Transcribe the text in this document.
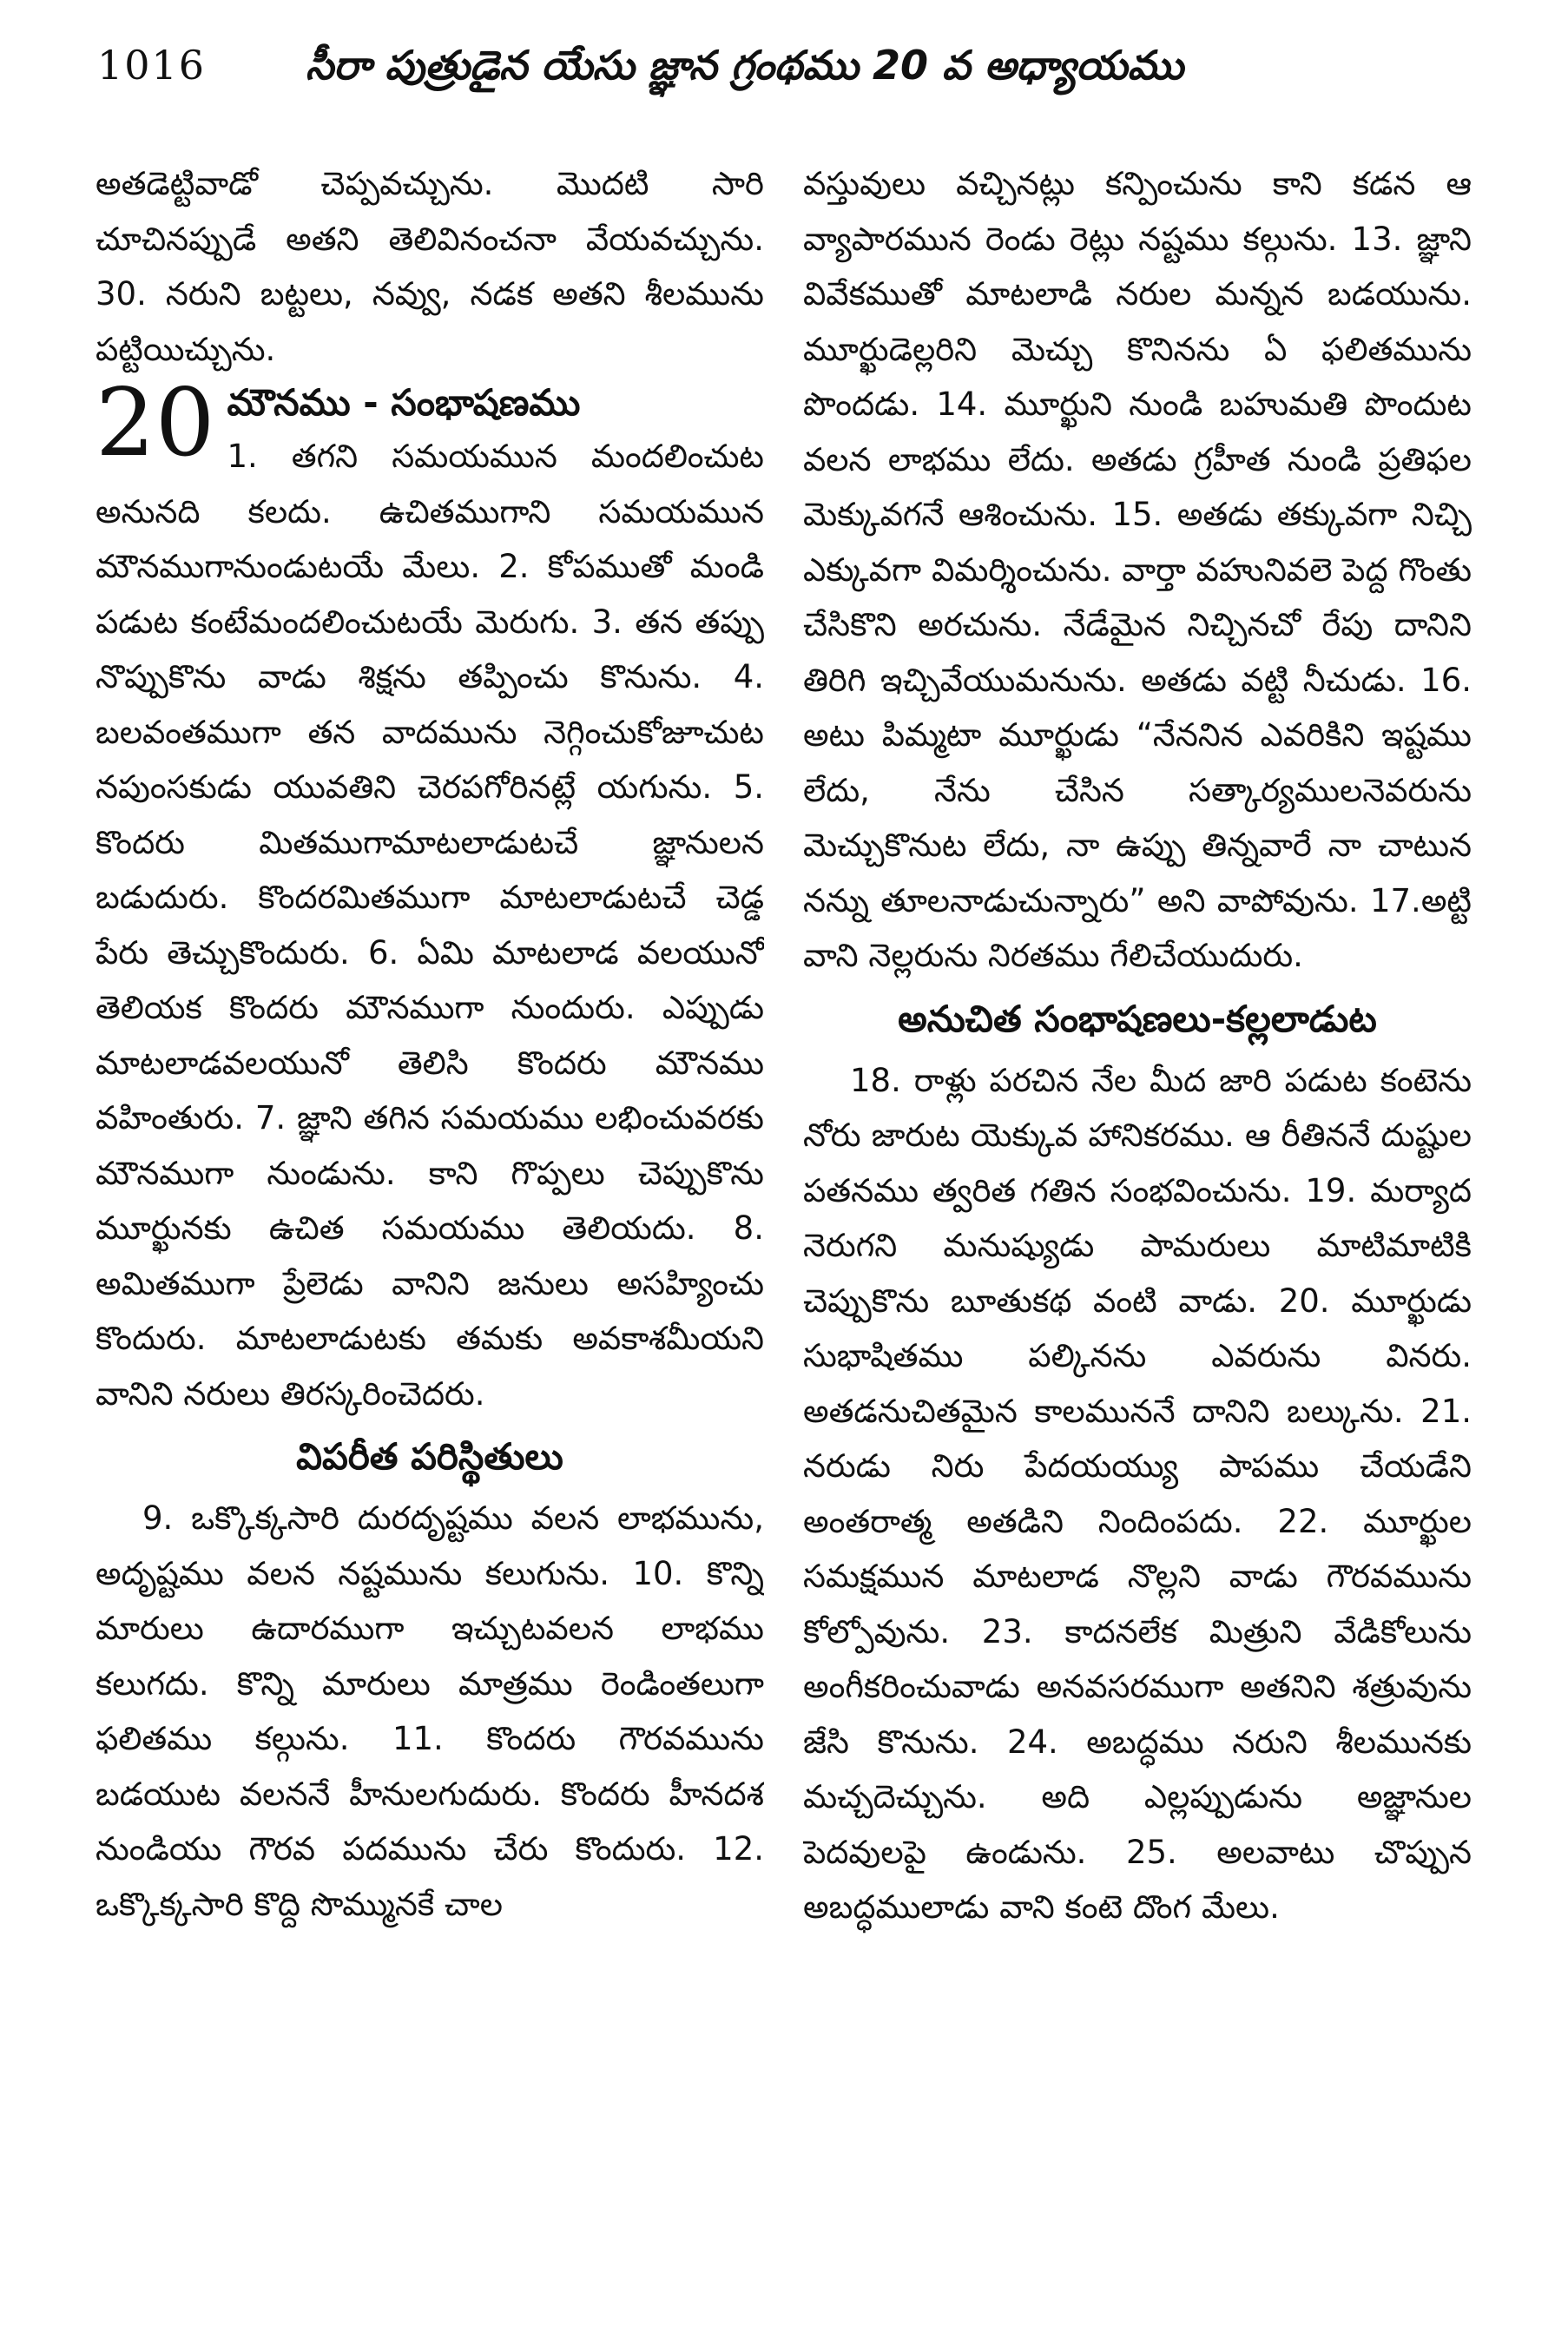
1016	సీరా పుత్రుడైన యేసు జ్ఞాన గ్రంథము 20 వ అధ్యాయము

అతడెట్టివాడో చెప్పవచ్చును. మొదటి సారి చూచినప్పుడే అతని తెలివినంచనా వేయవచ్చును. 30. నరుని బట్టలు, నవ్వు, నడక అతని శీలమును పట్టియిచ్చును.

20 మౌనము - సంభాషణము

1. తగని సమయమున మందలించుట అనునది కలదు. ఉచితముగాని సమయమున మౌనముగానుండుటయే మేలు. 2. కోపముతో మండి పడుట కంటేమందలించుటయే మెరుగు. 3. తన తప్పు నొప్పుకొను వాడు శిక్షను తప్పించు కొనును. 4. బలవంతముగా తన వాదమును నెగ్గించుకోజూచుట నపుంసకుడు యువతిని చెరపగోరినట్లే యగును. 5. కొందరు మితముగామాటలాడుటచే జ్ఞానులన బడుదురు. కొందరమితముగా మాటలాడుటచే చెడ్డ పేరు తెచ్చుకొందురు. 6. ఏమి మాటలాడ వలయునో తెలియక కొందరు మౌనముగా నుందురు. ఎప్పుడు మాటలాడవలయునో తెలిసి కొందరు మౌనము వహింతురు. 7. జ్ఞాని తగిన సమయము లభించువరకు మౌనముగా నుండును. కాని గొప్పలు చెప్పుకొను మూర్ఖునకు ఉచిత సమయము తెలియదు. 8. అమితముగా ప్రేలెడు వానిని జనులు అసహ్యించు కొందురు. మాటలాడుటకు తమకు అవకాశమీయని వానిని నరులు తిరస్కరించెదరు.

విపరీత పరిస్థితులు

9. ఒక్కొక్కసారి దురదృష్టము వలన లాభమును, అదృష్టము వలన నష్టమును కలుగును. 10. కొన్ని మారులు ఉదారముగా ఇచ్చుటవలన లాభము కలుగదు. కొన్ని మారులు మాత్రము రెండింతలుగా ఫలితము కల్గును. 11. కొందరు గౌరవమును బడయుట వలననే హీనులగుదురు. కొందరు హీనదశ నుండియు గౌరవ పదమును చేరు కొందురు. 12. ఒక్కొక్కసారి కొద్ది సొమ్మునకే చాల

వస్తువులు వచ్చినట్లు కన్పించును కాని కడన ఆ వ్యాపారమున రెండు రెట్లు నష్టము కల్గును. 13. జ్ఞాని వివేకముతో మాటలాడి నరుల మన్నన బడయును. మూర్ఖుడెల్లరిని మెచ్చు కొనినను ఏ ఫలితమును పొందడు. 14. మూర్ఖుని నుండి బహుమతి పొందుట వలన లాభము లేదు. అతడు గ్రహీత నుండి ప్రతిఫల మెక్కువగనే ఆశించును. 15. అతడు తక్కువగా నిచ్చి ఎక్కువగా విమర్శించును. వార్తా వహునివలె పెద్ద గొంతు చేసికొని అరచును. నేడేమైన నిచ్చినచో రేపు దానిని తిరిగి ఇచ్చివేయుమనును. అతడు వట్టి నీచుడు. 16. అటు పిమ్మటా మూర్ఖుడు “నేననిన ఎవరికిని ఇష్టము లేదు, నేను చేసిన సత్కార్యములనెవరును మెచ్చుకొనుట లేదు, నా ఉప్పు తిన్నవారే నా చాటున నన్ను తూలనాడుచున్నారు” అని వాపోవును. 17.అట్టి వాని నెల్లరును నిరతము గేలిచేయుదురు.

అనుచిత సంభాషణలు-కల్లలాడుట

18. రాళ్లు పరచిన నేల మీద జారి పడుట కంటెను నోరు జారుట యెక్కువ హానికరము. ఆ రీతిననే దుష్టుల పతనము త్వరిత గతిన సంభవించును. 19. మర్యాద నెరుగని మనుష్యుడు పామరులు మాటిమాటికి చెప్పుకొను బూతుకథ వంటి వాడు. 20. మూర్ఖుడు సుభాషితము పల్కినను ఎవరును వినరు. అతడనుచితమైన కాలముననే దానిని బల్కును. 21. నరుడు నిరు పేదయయ్యు పాపము చేయడేని అంతరాత్మ అతడిని నిందింపదు. 22. మూర్ఖుల సమక్షమున మాటలాడ నొల్లని వాడు గౌరవమును కోల్పోవును. 23. కాదనలేక మిత్రుని వేడికోలును అంగీకరించువాడు అనవసరముగా అతనిని శత్రువును జేసి కొనును. 24. అబద్ధము నరుని శీలమునకు మచ్చదెచ్చును. అది ఎల్లప్పుడును అజ్ఞానుల పెదవులపై ఉండును. 25. అలవాటు చొప్పున అబద్ధములాడు వాని కంటె దొంగ మేలు.
